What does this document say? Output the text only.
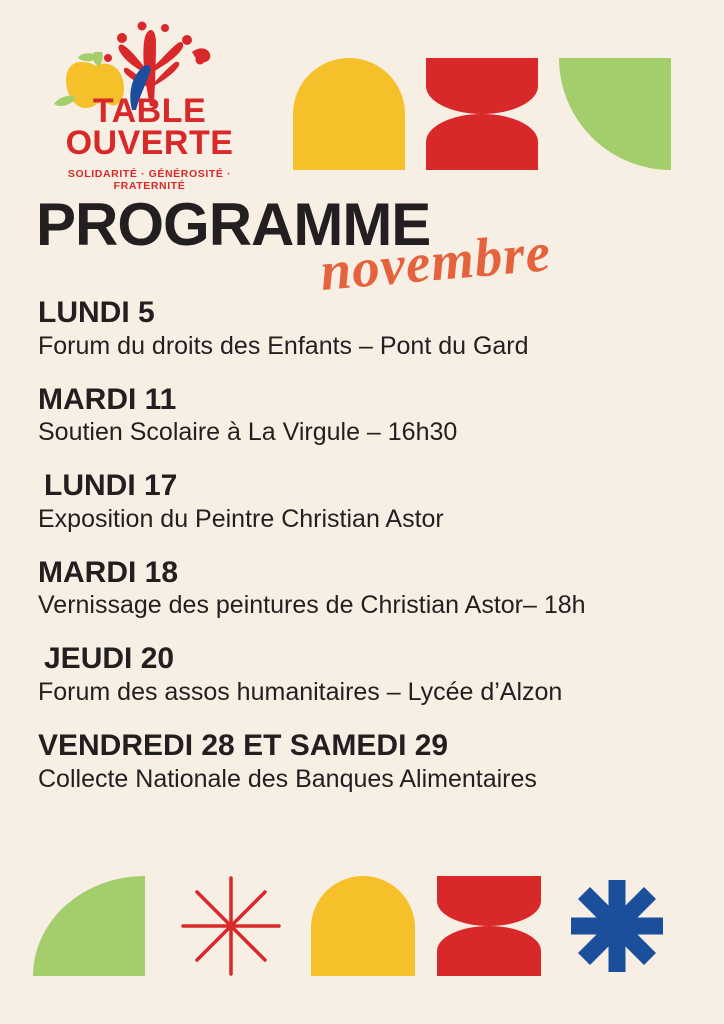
TABLE
OUVERTE
SOLIDARITÉ · GÉNÉROSITÉ · FRATERNITÉ
PROGRAMME
novembre
LUNDI 5
Forum du droits des Enfants – Pont du Gard
MARDI 11
Soutien Scolaire à La Virgule – 16h30
LUNDI 17
Exposition du Peintre Christian Astor
MARDI 18
Vernissage des peintures de Christian Astor– 18h
JEUDI 20
Forum des assos humanitaires – Lycée d’Alzon
VENDREDI 28 ET SAMEDI 29
Collecte Nationale des Banques Alimentaires
